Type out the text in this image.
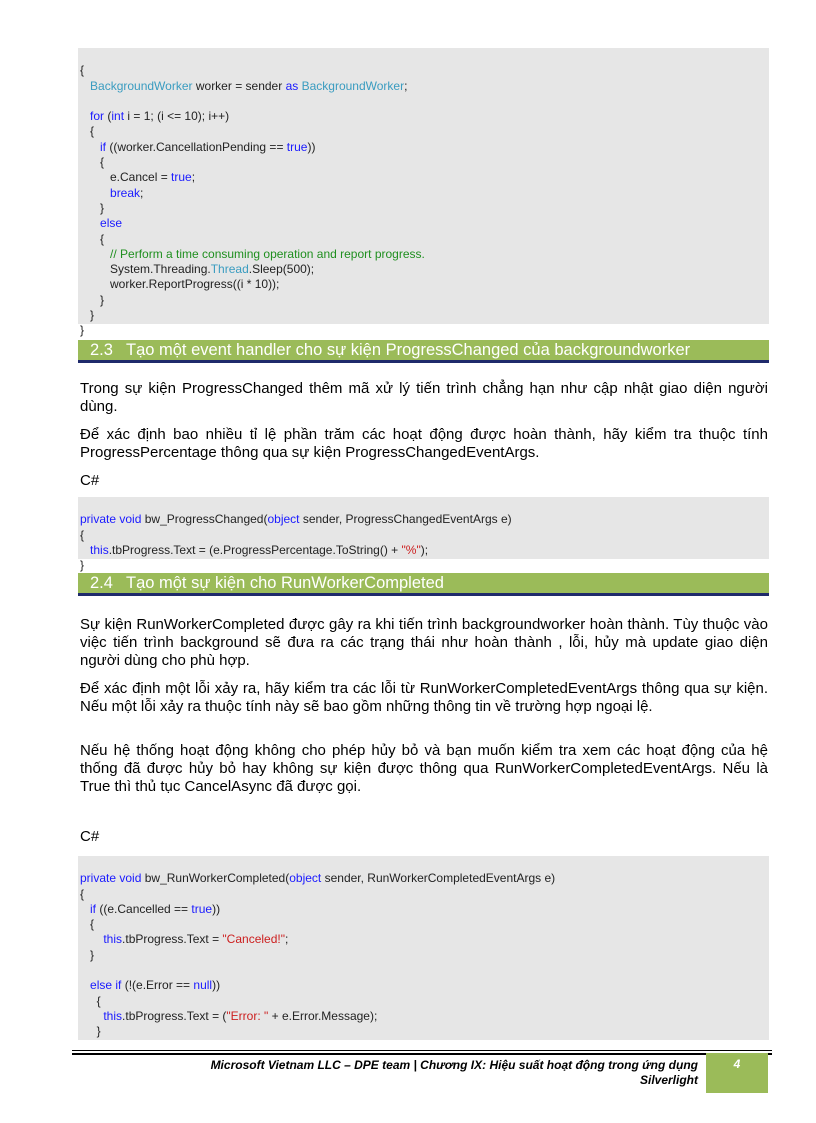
{
BackgroundWorker worker = sender as BackgroundWorker;
for (int i = 1; (i <= 10); i++)
{
if ((worker.CancellationPending == true))
{
e.Cancel = true;
break;
}
else
{
// Perform a time consuming operation and report progress.
System.Threading.Thread.Sleep(500);
worker.ReportProgress((i * 10));
}
}
}

2.3 Tạo một event handler cho sự kiện ProgressChanged của backgroundworker

Trong sự kiện ProgressChanged thêm mã xử lý tiến trình chẳng hạn như cập nhật giao diện người dùng.

Để xác định bao nhiều tỉ lệ phần trăm các hoạt động được hoàn thành, hãy kiểm tra thuộc tính ProgressPercentage thông qua sự kiện ProgressChangedEventArgs.

C#

private void bw_ProgressChanged(object sender, ProgressChangedEventArgs e)
{
this.tbProgress.Text = (e.ProgressPercentage.ToString() + "%");
}

2.4 Tạo một sự kiện cho RunWorkerCompleted

Sự kiện RunWorkerCompleted được gây ra khi tiến trình backgroundworker hoàn thành. Tùy thuộc vào việc tiến trình background sẽ đưa ra các trạng thái như hoàn thành , lỗi, hủy mà update giao diện người dùng cho phù hợp.

Để xác định một lỗi xảy ra, hãy kiểm tra các lỗi từ RunWorkerCompletedEventArgs thông qua sự kiện. Nếu một lỗi xảy ra thuộc tính này sẽ bao gồm những thông tin về trường hợp ngoại lệ.

Nếu hệ thống hoạt động không cho phép hủy bỏ và bạn muốn kiểm tra xem các hoạt động của hệ thống đã được hủy bỏ hay không sự kiện được thông qua RunWorkerCompletedEventArgs. Nếu là True thì thủ tục CancelAsync đã được gọi.

C#

private void bw_RunWorkerCompleted(object sender, RunWorkerCompletedEventArgs e)
{
if ((e.Cancelled == true))
{
this.tbProgress.Text = "Canceled!";
}
else if (!(e.Error == null))
{
this.tbProgress.Text = ("Error: " + e.Error.Message);
}

Microsoft Vietnam LLC – DPE team | Chương IX: Hiệu suất hoạt động trong ứng dụng
Silverlight
4
